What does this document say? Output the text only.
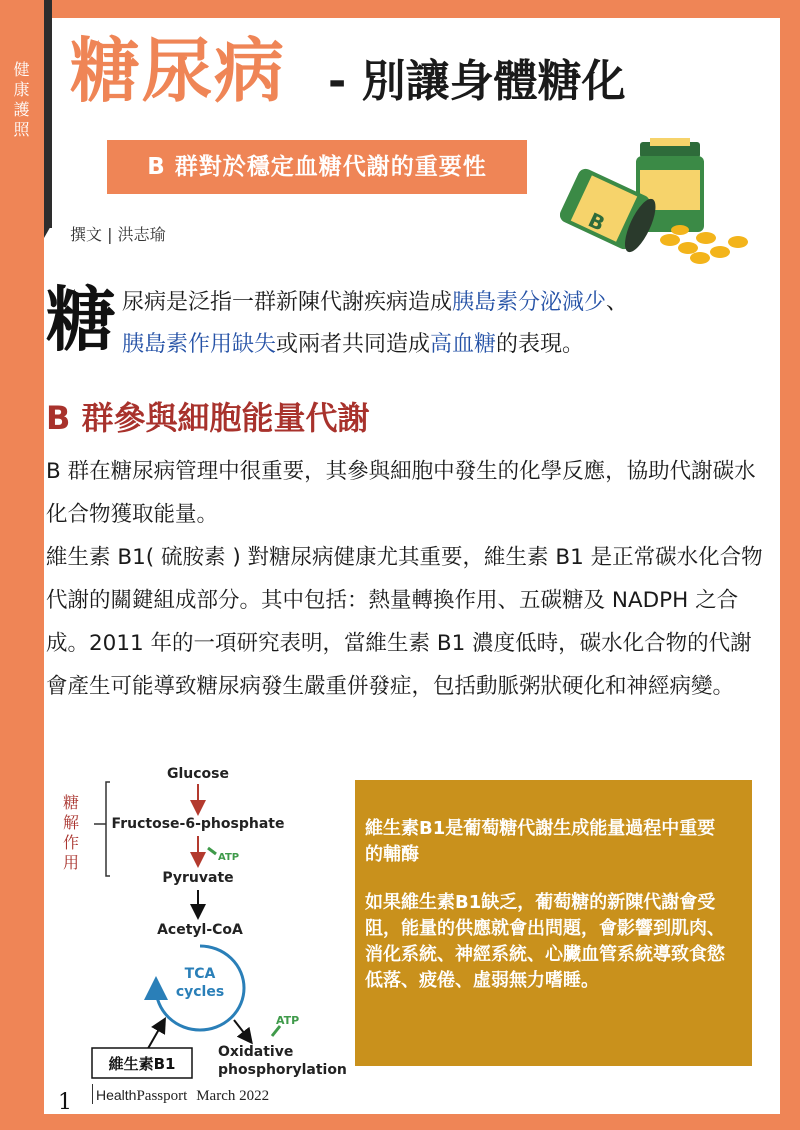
健康護照
糖尿病 - 別讓身體糖化
B 群對於穩定血糖代謝的重要性
撰文 | 洪志瑜	B
糖 尿病是泛指一群新陳代謝疾病造成胰島素分泌減少、
胰島素作用缺失或兩者共同造成高血糖的表現。
B 群參與細胞能量代謝

B 群在糖尿病管理中很重要，其參與細胞中發生的化學反應，協助代謝碳水化合物獲取能量。

維生素 B1( 硫胺素 ) 對糖尿病健康尤其重要，維生素 B1 是正常碳水化合物代謝的關鍵組成部分。其中包括：熱量轉換作用、五碳糖及 NADPH 之合成。2011 年的一項研究表明，當維生素 B1 濃度低時，碳水化合物的代謝會產生可能導致糖尿病發生嚴重併發症，包括動脈粥狀硬化和神經病變。

糖
解
作
用
Glucose
Fructose-6-phosphate
ATP
Pyruvate
Acetyl-CoA
TCA
cycles
ATP
Oxidative
phosphorylation
維生素B1

維生素B1是葡萄糖代謝生成能量過程中重要的輔酶

如果維生素B1缺乏，葡萄糖的新陳代謝會受阻，能量的供應就會出問題，會影響到肌肉、消化系統、神經系統、心臟血管系統導致食慾低落、疲倦、虛弱無力嗜睡。

1 HealthPassport March 2022
